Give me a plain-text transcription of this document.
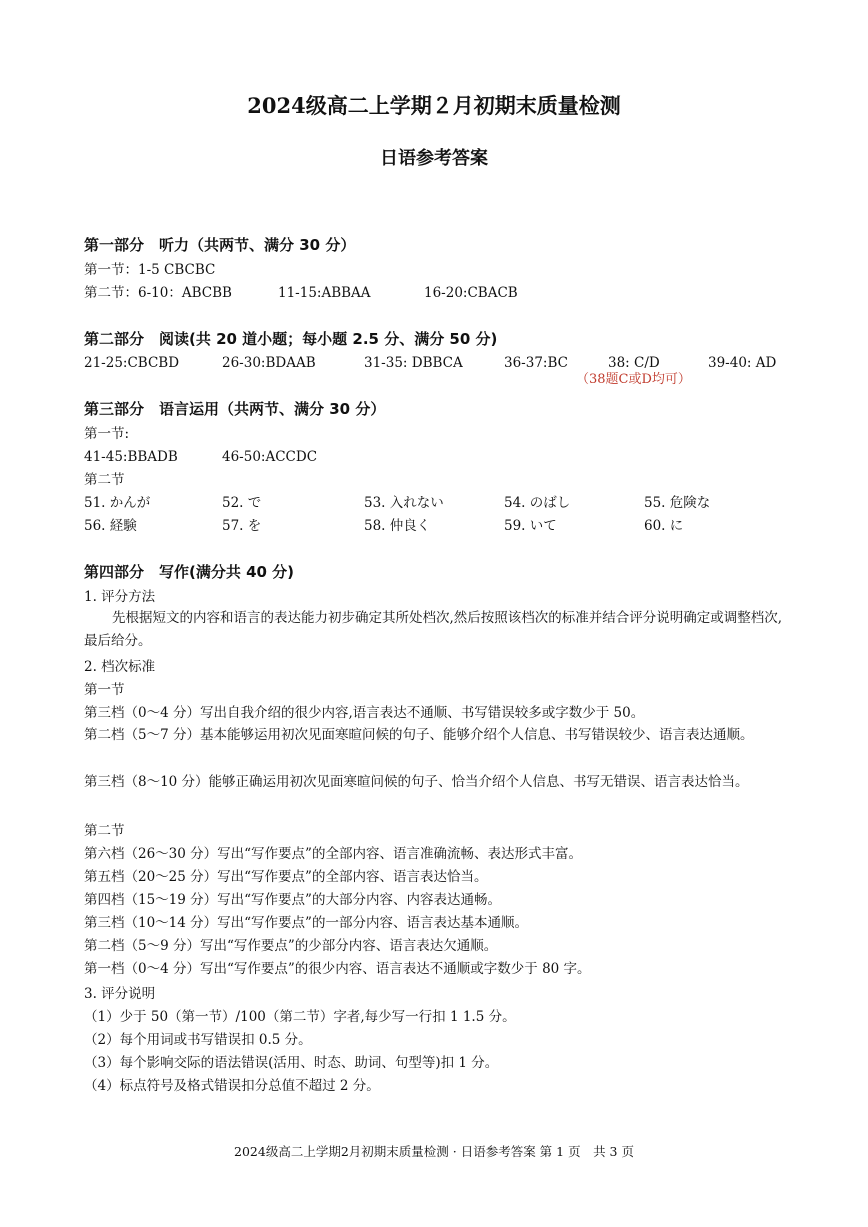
2024级高二上学期２月初期末质量检测
日语参考答案
第一部分　听力（共两节、满分 30 分）
第一节：1-5 CBCBC
第二节：6-10：ABCBB	11-15:ABBAA	16-20:CBACB
第二部分　阅读(共 20 道小题；每小题 2.5 分、满分 50 分)
21-25:CBCBD	26-30:BDAAB	31-35: DBBCA	36-37:BC	38: C/D	39-40: AD
（38题C或D均可）
第三部分　语言运用（共两节、满分 30 分）
第一节:
41-45:BBADB	46-50:ACCDC
第二节
51. かんが	52. で	53. 入れない	54. のばし	55. 危険な
56. 経験	57. を	58. 仲良く	59. いて	60. に
第四部分　写作(满分共 40 分)
1. 评分方法
先根据短文的内容和语言的表达能力初步确定其所处档次,然后按照该档次的标准并结合评分说明确定或调整档次,最后给分。
2. 档次标准
第一节
第三档（0～4 分）写出自我介绍的很少内容,语言表达不通顺、书写错误较多或字数少于 50。
第二档（5～7 分）基本能够运用初次见面寒暄问候的句子、能够介绍个人信息、书写错误较少、语言表达通顺。
第三档（8～10 分）能够正确运用初次见面寒暄问候的句子、恰当介绍个人信息、书写无错误、语言表达恰当。
第二节
第六档（26～30 分）写出“写作要点”的全部内容、语言准确流畅、表达形式丰富。
第五档（20～25 分）写出“写作要点”的全部内容、语言表达恰当。
第四档（15～19 分）写出“写作要点”的大部分内容、内容表达通畅。
第三档（10～14 分）写出“写作要点”的一部分内容、语言表达基本通顺。
第二档（5～9 分）写出“写作要点”的少部分内容、语言表达欠通顺。
第一档（0～4 分）写出“写作要点”的很少内容、语言表达不通顺或字数少于 80 字。
3. 评分说明
（1）少于 50（第一节）/100（第二节）字者,每少写一行扣 1 1.5 分。
（2）每个用词或书写错误扣 0.5 分。
（3）每个影响交际的语法错误(活用、时态、助词、句型等)扣 1 分。
（4）标点符号及格式错误扣分总值不超过 2 分。
2024级高二上学期2月初期末质量检测 · 日语参考答案 第 1 页　共 3 页
